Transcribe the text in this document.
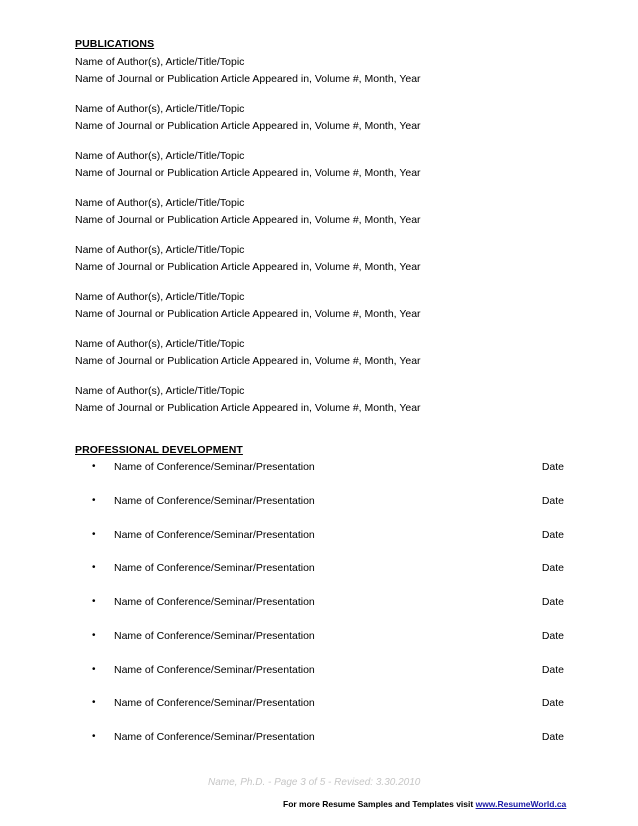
PUBLICATIONS
Name of Author(s), Article/Title/Topic
Name of Journal or Publication Article Appeared in, Volume #, Month, Year
Name of Author(s), Article/Title/Topic
Name of Journal or Publication Article Appeared in, Volume #, Month, Year
Name of Author(s), Article/Title/Topic
Name of Journal or Publication Article Appeared in, Volume #, Month, Year
Name of Author(s), Article/Title/Topic
Name of Journal or Publication Article Appeared in, Volume #, Month, Year
Name of Author(s), Article/Title/Topic
Name of Journal or Publication Article Appeared in, Volume #, Month, Year
Name of Author(s), Article/Title/Topic
Name of Journal or Publication Article Appeared in, Volume #, Month, Year
Name of Author(s), Article/Title/Topic
Name of Journal or Publication Article Appeared in, Volume #, Month, Year
Name of Author(s), Article/Title/Topic
Name of Journal or Publication Article Appeared in, Volume #, Month, Year
PROFESSIONAL DEVELOPMENT
• Name of Conference/Seminar/Presentation	Date
• Name of Conference/Seminar/Presentation	Date
• Name of Conference/Seminar/Presentation	Date
• Name of Conference/Seminar/Presentation	Date
• Name of Conference/Seminar/Presentation	Date
• Name of Conference/Seminar/Presentation	Date
• Name of Conference/Seminar/Presentation	Date
• Name of Conference/Seminar/Presentation	Date
• Name of Conference/Seminar/Presentation	Date
Name, Ph.D. - Page 3 of 5 - Revised: 3.30.2010
For more Resume Samples and Templates visit www.ResumeWorld.ca
